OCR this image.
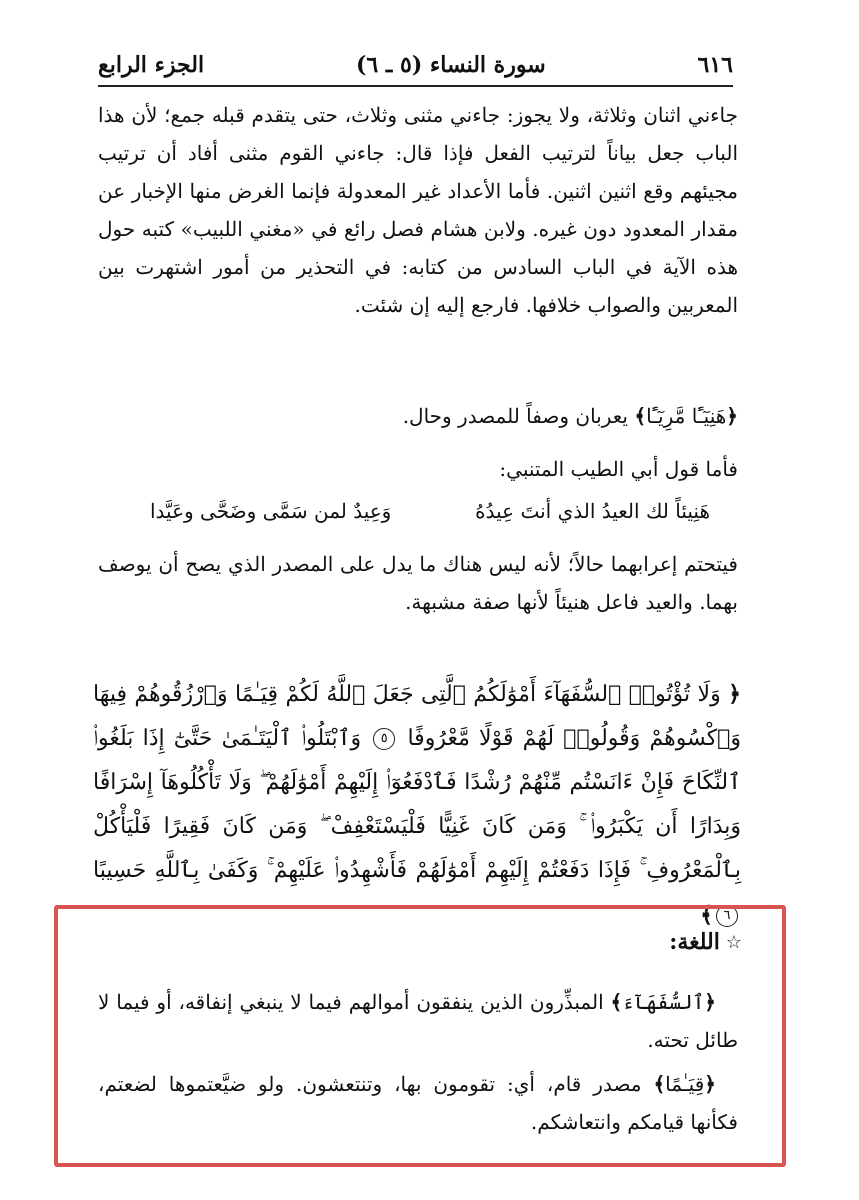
٦١٦
سورة النساء (٥ ـ ٦)
الجزء الرابع
جاءني اثنان وثلاثة، ولا يجوز: جاءني مثنى وثلاث، حتى يتقدم قبله جمع؛ لأن هذا الباب جعل بياناً لترتيب الفعل فإذا قال: جاءني القوم مثنى أفاد أن ترتيب مجيئهم وقع اثنين اثنين. فأما الأعداد غير المعدولة فإنما الغرض منها الإخبار عن مقدار المعدود دون غيره. ولابن هشام فصل رائع في «مغني اللبيب» كتبه حول هذه الآية في الباب السادس من كتابه: في التحذير من أمور اشتهرت بين المعربين والصواب خلافها. فارجع إليه إن شئت.
﴿هَنِيٓـًٔا مَّرِيٓـًٔا﴾ يعربان وصفاً للمصدر وحال.
فأما قول أبي الطيب المتنبي:
هَنِيئاً لك العيدُ الذي أنتَ عِيدُهُ
وَعِيدٌ لمن سَمَّى وضَحَّى وعَيَّدا
فيتحتم إعرابهما حالاً؛ لأنه ليس هناك ما يدل على المصدر الذي يصح أن يوصف بهما. والعيد فاعل هنيئاً لأنها صفة مشبهة.
﴿ وَلَا تُؤْتُوا۟ ٱلسُّفَهَآءَ أَمْوَٰلَكُمُ ٱلَّتِى جَعَلَ ٱللَّهُ لَكُمْ قِيَـٰمًا وَٱرْزُقُوهُمْ فِيهَا وَٱكْسُوهُمْ وَقُولُوا۟ لَهُمْ قَوْلًا مَّعْرُوفًا ٥ وَٱبْتَلُوا۟ ٱلْيَتَـٰمَىٰ حَتَّىٰٓ إِذَا بَلَغُوا۟ ٱلنِّكَاحَ فَإِنْ ءَانَسْتُم مِّنْهُمْ رُشْدًا فَٱدْفَعُوٓا۟ إِلَيْهِمْ أَمْوَٰلَهُمْ ۖ وَلَا تَأْكُلُوهَآ إِسْرَافًا وَبِدَارًا أَن يَكْبَرُوا۟ ۚ وَمَن كَانَ غَنِيًّا فَلْيَسْتَعْفِفْ ۖ وَمَن كَانَ فَقِيرًا فَلْيَأْكُلْ بِٱلْمَعْرُوفِ ۚ فَإِذَا دَفَعْتُمْ إِلَيْهِمْ أَمْوَٰلَهُمْ فَأَشْهِدُوا۟ عَلَيْهِمْ ۚ وَكَفَىٰ بِٱللَّهِ حَسِيبًا ٦﴾
☆
اللغة:
﴿ٱلسُّفَهَآءَ﴾ المبذِّرون الذين ينفقون أموالهم فيما لا ينبغي إنفاقه، أو فيما لا طائل تحته.
﴿قِيَـٰمًا﴾ مصدر قام، أي: تقومون بها، وتنتعشون. ولو ضيَّعتموها لضعتم، فكأنها قيامكم وانتعاشكم.
